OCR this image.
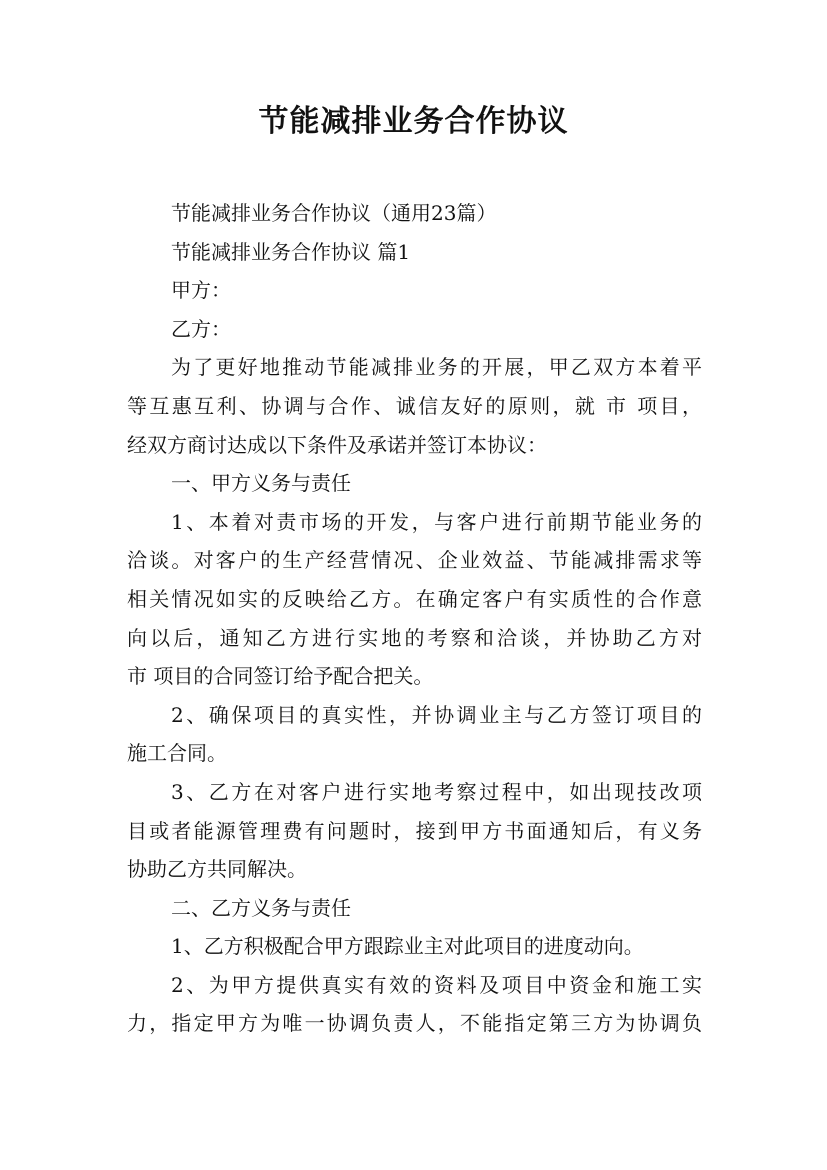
节能减排业务合作协议
节能减排业务合作协议（通用23篇）
节能减排业务合作协议 篇1
甲方：
乙方：
为了更好地推动节能减排业务的开展，甲乙双方本着平
等互惠互利、协调与合作、诚信友好的原则，就 市 项目，
经双方商讨达成以下条件及承诺并签订本协议：
一、甲方义务与责任
1、本着对责市场的开发，与客户进行前期节能业务的
洽谈。对客户的生产经营情况、企业效益、节能减排需求等
相关情况如实的反映给乙方。在确定客户有实质性的合作意
向以后，通知乙方进行实地的考察和洽谈，并协助乙方对
市 项目的合同签订给予配合把关。
2、确保项目的真实性，并协调业主与乙方签订项目的
施工合同。
3、乙方在对客户进行实地考察过程中，如出现技改项
目或者能源管理费有问题时，接到甲方书面通知后，有义务
协助乙方共同解决。
二、乙方义务与责任
1、乙方积极配合甲方跟踪业主对此项目的进度动向。
2、为甲方提供真实有效的资料及项目中资金和施工实
力，指定甲方为唯一协调负责人，不能指定第三方为协调负
